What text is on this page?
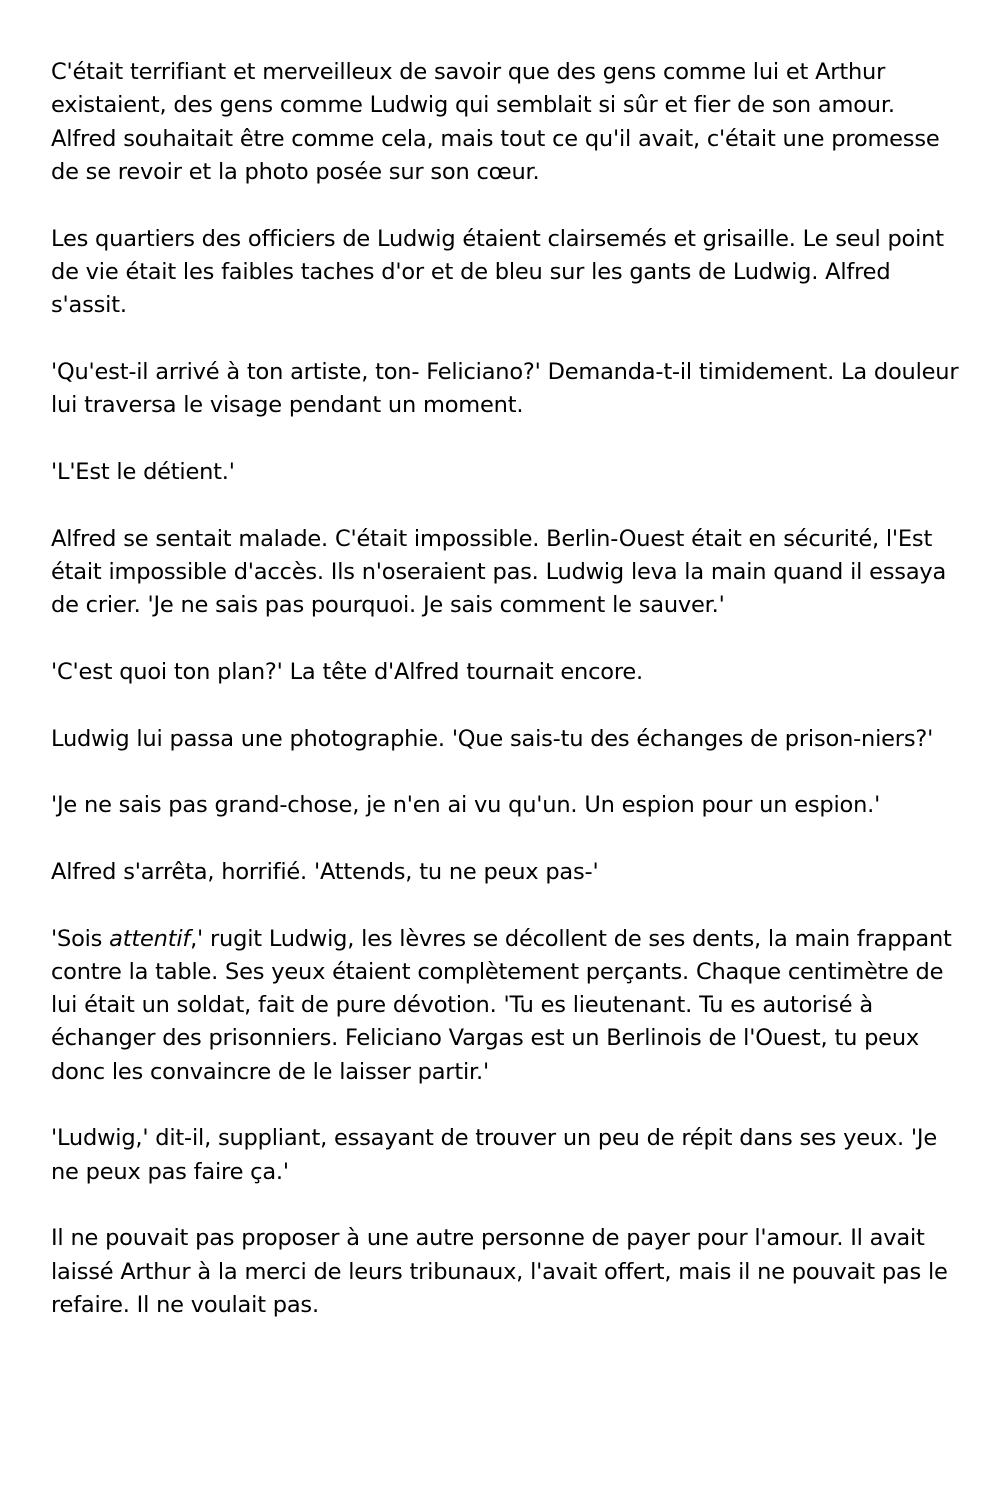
C'était terrifiant et merveilleux de savoir que des gens comme lui et Arthur existaient, des gens comme Ludwig qui semblait si sûr et fier de son amour. Alfred souhaitait être comme cela, mais tout ce qu'il avait, c'était une promesse de se revoir et la photo posée sur son cœur.

Les quartiers des officiers de Ludwig étaient clairsemés et grisaille. Le seul point de vie était les faibles taches d'or et de bleu sur les gants de Ludwig. Alfred s'assit.

'Qu'est-il arrivé à ton artiste, ton- Feliciano?' Demanda-t-il timidement. La douleur lui traversa le visage pendant un moment.

'L'Est le détient.'

Alfred se sentait malade. C'était impossible. Berlin-Ouest était en sécurité, l'Est était impossible d'accès. Ils n'oseraient pas. Ludwig leva la main quand il essaya de crier. 'Je ne sais pas pourquoi. Je sais comment le sauver.'

'C'est quoi ton plan?' La tête d'Alfred tournait encore.

Ludwig lui passa une photographie. 'Que sais-tu des échanges de prison-niers?'

'Je ne sais pas grand-chose, je n'en ai vu qu'un. Un espion pour un espion.'

Alfred s'arrêta, horrifié. 'Attends, tu ne peux pas-'

'Sois attentif,' rugit Ludwig, les lèvres se décollent de ses dents, la main frappant contre la table. Ses yeux étaient complètement perçants. Chaque centimètre de lui était un soldat, fait de pure dévotion. 'Tu es lieutenant. Tu es autorisé à échanger des prisonniers. Feliciano Vargas est un Berlinois de l'Ouest, tu peux donc les convaincre de le laisser partir.'

'Ludwig,' dit-il, suppliant, essayant de trouver un peu de répit dans ses yeux. 'Je ne peux pas faire ça.'

Il ne pouvait pas proposer à une autre personne de payer pour l'amour. Il avait laissé Arthur à la merci de leurs tribunaux, l'avait offert, mais il ne pouvait pas le refaire. Il ne voulait pas.
